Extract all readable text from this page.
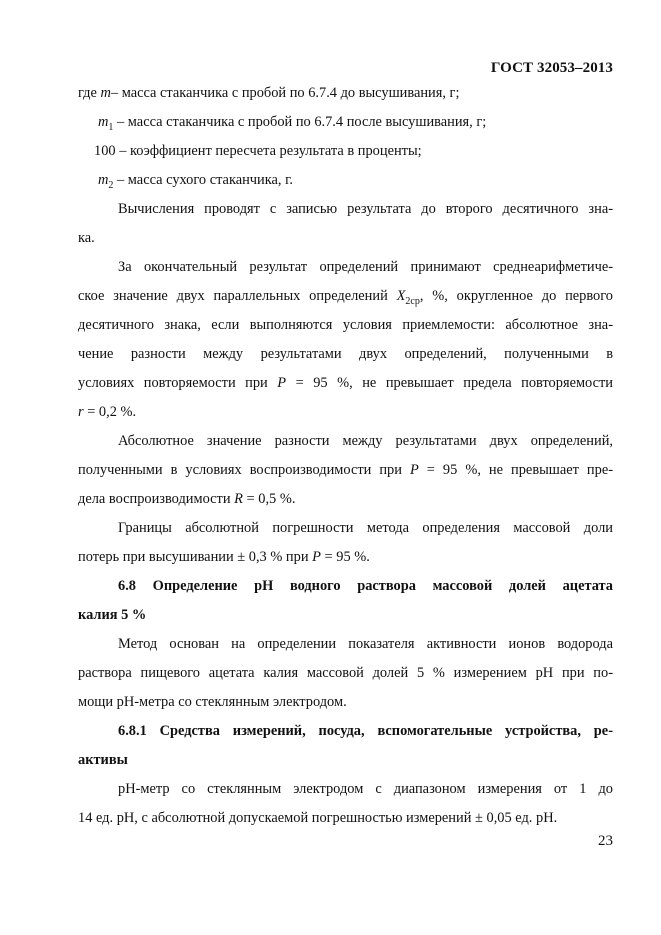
ГОСТ 32053–2013
где m– масса стаканчика с пробой по 6.7.4 до высушивания, г;
$m_1$ – масса стаканчика с пробой по 6.7.4 после высушивания, г;
100 – коэффициент пересчета результата в проценты;
$m_2$ – масса сухого стаканчика, г.
Вычисления проводят с записью результата до второго десятичного зна-
ка.
За окончательный результат определений принимают среднеарифметиче-
ское значение двух параллельных определений $X_{2ср}$, %, округленное до первого
десятичного знака, если выполняются условия приемлемости: абсолютное зна-
чение разности между результатами двух определений, полученными в
условиях повторяемости при P = 95 %, не превышает предела повторяемости
r = 0,2 %.
Абсолютное значение разности между результатами двух определений,
полученными в условиях воспроизводимости при P = 95 %, не превышает пре-
дела воспроизводимости R = 0,5 %.
Границы абсолютной погрешности метода определения массовой доли
потерь при высушивании ± 0,3 % при P = 95 %.
6.8 Определение pH водного раствора массовой долей ацетата
калия 5 %
Метод основан на определении показателя активности ионов водорода
раствора пищевого ацетата калия массовой долей 5 % измерением pH при по-
мощи pH-метра со стеклянным электродом.
6.8.1 Средства измерений, посуда, вспомогательные устройства, ре-
активы
pH-метр со стеклянным электродом с диапазоном измерения от 1 до
14 ед. pH, с абсолютной допускаемой погрешностью измерений ± 0,05 ед. pH.
23
